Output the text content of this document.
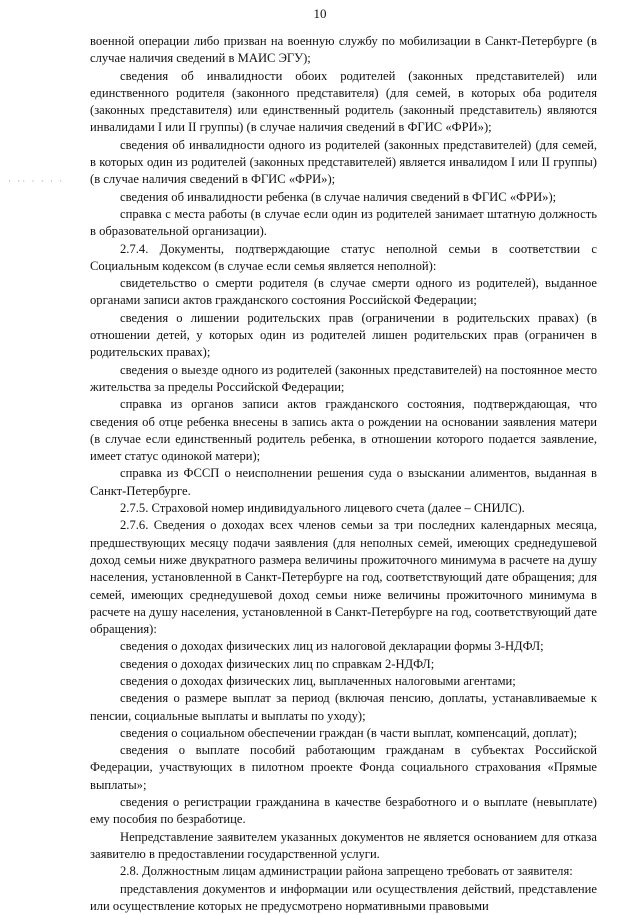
10
· ·· · · · ·

военной операции либо призван на военную службу по мобилизации в Санкт-Петербурге (в случае наличия сведений в МАИС ЭГУ);

сведения об инвалидности обоих родителей (законных представителей) или единственного родителя (законного представителя) (для семей, в которых оба родителя (законных представителя) или единственный родитель (законный представитель) являются инвалидами I или II группы) (в случае наличия сведений в ФГИС «ФРИ»);

сведения об инвалидности одного из родителей (законных представителей) (для семей, в которых один из родителей (законных представителей) является инвалидом I или II группы) (в случае наличия сведений в ФГИС «ФРИ»);

сведения об инвалидности ребенка (в случае наличия сведений в ФГИС «ФРИ»);

справка с места работы (в случае если один из родителей занимает штатную должность в образовательной организации).

2.7.4. Документы, подтверждающие статус неполной семьи в соответствии с Социальным кодексом (в случае если семья является неполной):

свидетельство о смерти родителя (в случае смерти одного из родителей), выданное органами записи актов гражданского состояния Российской Федерации;

сведения о лишении родительских прав (ограничении в родительских правах) (в отношении детей, у которых один из родителей лишен родительских прав (ограничен в родительских правах);

сведения о выезде одного из родителей (законных представителей) на постоянное место жительства за пределы Российской Федерации;

справка из органов записи актов гражданского состояния, подтверждающая, что сведения об отце ребенка внесены в запись акта о рождении на основании заявления матери (в случае если единственный родитель ребенка, в отношении которого подается заявление, имеет статус одинокой матери);

справка из ФССП о неисполнении решения суда о взыскании алиментов, выданная в Санкт-Петербурге.

2.7.5. Страховой номер индивидуального лицевого счета (далее – СНИЛС).

2.7.6. Сведения о доходах всех членов семьи за три последних календарных месяца, предшествующих месяцу подачи заявления (для неполных семей, имеющих среднедушевой доход семьи ниже двукратного размера величины прожиточного минимума в расчете на душу населения, установленной в Санкт-Петербурге на год, соответствующий дате обращения; для семей, имеющих среднедушевой доход семьи ниже величины прожиточного минимума в расчете на душу населения, установленной в Санкт-Петербурге на год, соответствующий дате обращения):

сведения о доходах физических лиц из налоговой декларации формы 3-НДФЛ;

сведения о доходах физических лиц по справкам 2-НДФЛ;

сведения о доходах физических лиц, выплаченных налоговыми агентами;

сведения о размере выплат за период (включая пенсию, доплаты, устанавливаемые к пенсии, социальные выплаты и выплаты по уходу);

сведения о социальном обеспечении граждан (в части выплат, компенсаций, доплат);

сведения о выплате пособий работающим гражданам в субъектах Российской Федерации, участвующих в пилотном проекте Фонда социального страхования «Прямые выплаты»;

сведения о регистрации гражданина в качестве безработного и о выплате (невыплате) ему пособия по безработице.

Непредставление заявителем указанных документов не является основанием для отказа заявителю в предоставлении государственной услуги.

2.8. Должностным лицам администрации района запрещено требовать от заявителя:

представления документов и информации или осуществления действий, представление или осуществление которых не предусмотрено нормативными правовыми
